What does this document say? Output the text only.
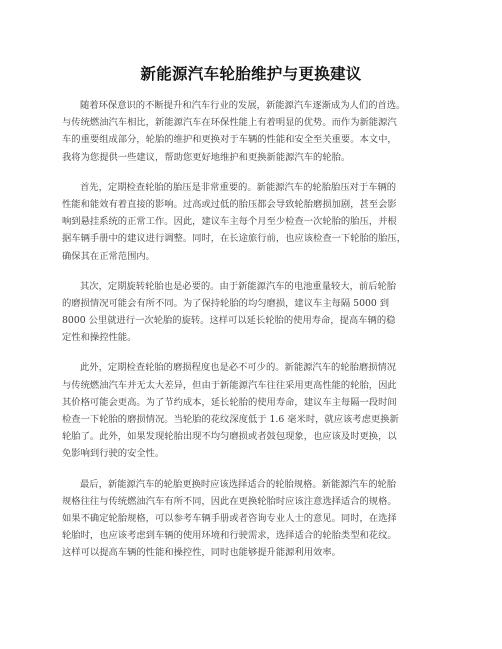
新能源汽车轮胎维护与更换建议
随着环保意识的不断提升和汽车行业的发展，新能源汽车逐渐成为人们的首选。
与传统燃油汽车相比，新能源汽车在环保性能上有着明显的优势。而作为新能源汽
车的重要组成部分，轮胎的维护和更换对于车辆的性能和安全至关重要。本文中，
我将为您提供一些建议，帮助您更好地维护和更换新能源汽车的轮胎。
首先，定期检查轮胎的胎压是非常重要的。新能源汽车的轮胎胎压对于车辆的
性能和能效有着直接的影响。过高或过低的胎压都会导致轮胎磨损加剧，甚至会影
响到悬挂系统的正常工作。因此，建议车主每个月至少检查一次轮胎的胎压，并根
据车辆手册中的建议进行调整。同时，在长途旅行前，也应该检查一下轮胎的胎压，
确保其在正常范围内。
其次，定期旋转轮胎也是必要的。由于新能源汽车的电池重量较大，前后轮胎
的磨损情况可能会有所不同。为了保持轮胎的均匀磨损，建议车主每隔 5000 到
8000 公里就进行一次轮胎的旋转。这样可以延长轮胎的使用寿命，提高车辆的稳
定性和操控性能。
此外，定期检查轮胎的磨损程度也是必不可少的。新能源汽车的轮胎磨损情况
与传统燃油汽车并无太大差异，但由于新能源汽车往往采用更高性能的轮胎，因此
其价格可能会更高。为了节约成本，延长轮胎的使用寿命，建议车主每隔一段时间
检查一下轮胎的磨损情况。当轮胎的花纹深度低于 1.6 毫米时，就应该考虑更换新
轮胎了。此外，如果发现轮胎出现不均匀磨损或者鼓包现象，也应该及时更换，以
免影响到行驶的安全性。
最后，新能源汽车的轮胎更换时应该选择适合的轮胎规格。新能源汽车的轮胎
规格往往与传统燃油汽车有所不同，因此在更换轮胎时应该注意选择适合的规格。
如果不确定轮胎规格，可以参考车辆手册或者咨询专业人士的意见。同时，在选择
轮胎时，也应该考虑到车辆的使用环境和行驶需求，选择适合的轮胎类型和花纹。
这样可以提高车辆的性能和操控性，同时也能够提升能源利用效率。
